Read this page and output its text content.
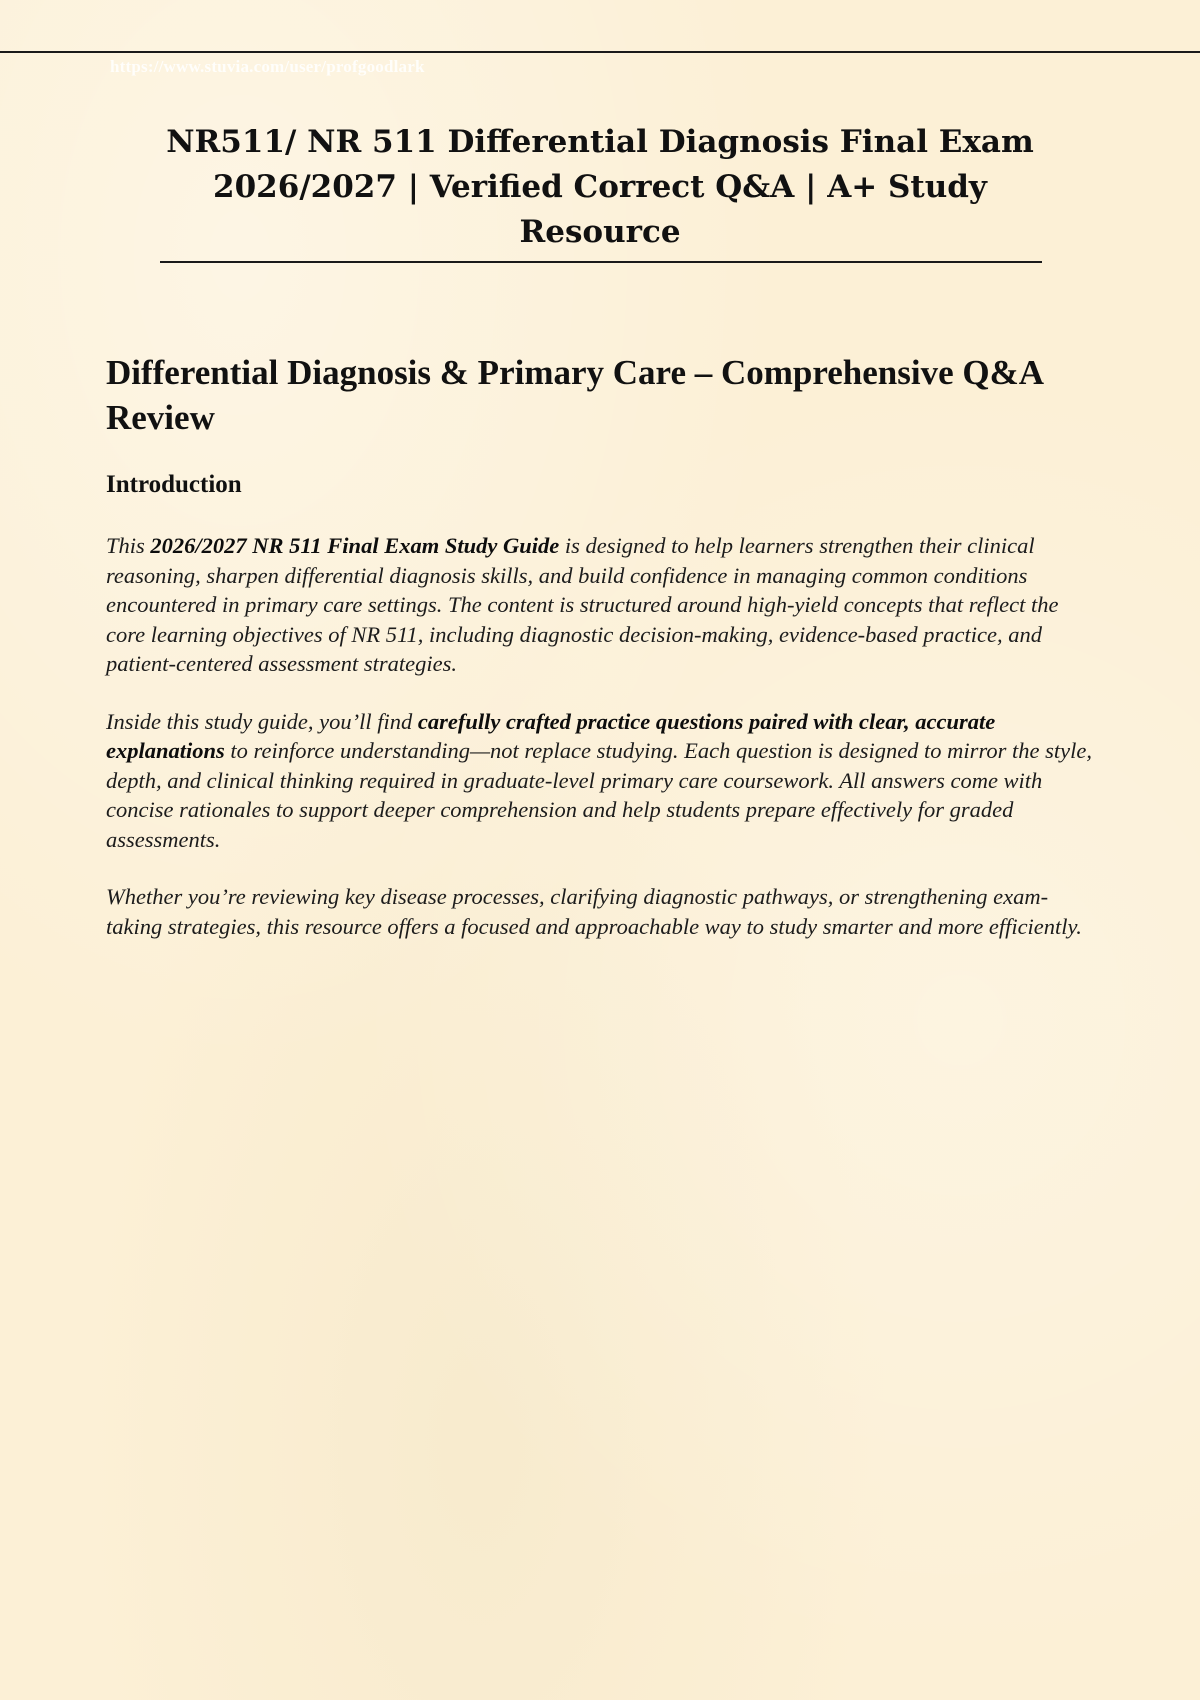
https://www.stuvia.com/user/profgoodlark
NR511/ NR 511 Differential Diagnosis Final Exam 2026/2027 | Verified Correct Q&A | A+ Study Resource
Differential Diagnosis & Primary Care – Comprehensive Q&A Review
Introduction

This 2026/2027 NR 511 Final Exam Study Guide is designed to help learners strengthen their clinical reasoning, sharpen differential diagnosis skills, and build confidence in managing common conditions encountered in primary care settings. The content is structured around high-yield concepts that reflect the core learning objectives of NR 511, including diagnostic decision-making, evidence-based practice, and patient-centered assessment strategies.

Inside this study guide, you’ll find carefully crafted practice questions paired with clear, accurate explanations to reinforce understanding—not replace studying. Each question is designed to mirror the style, depth, and clinical thinking required in graduate-level primary care coursework. All answers come with concise rationales to support deeper comprehension and help students prepare effectively for graded assessments.

Whether you’re reviewing key disease processes, clarifying diagnostic pathways, or strengthening exam-taking strategies, this resource offers a focused and approachable way to study smarter and more efficiently.
